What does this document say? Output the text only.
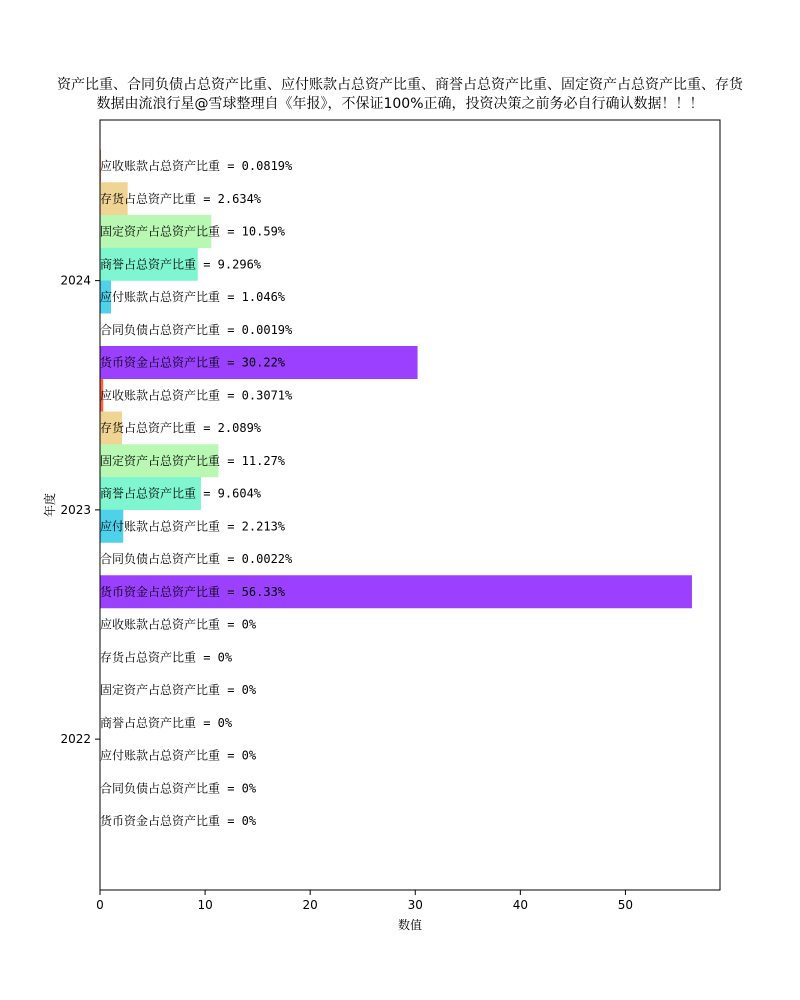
资产比重、合同负债占总资产比重、应付账款占总资产比重、商誉占总资产比重、固定资产占总资产比重、存货
数据由流浪行星@雪球整理自《年报》，不保证100%正确，投资决策之前务必自行确认数据！！！
应收账款占总资产比重 = 0.0819%
存货占总资产比重 = 2.634%
固定资产占总资产比重 = 10.59%
商誉占总资产比重 = 9.296%
应付账款占总资产比重 = 1.046%
合同负债占总资产比重 = 0.0019%
货币资金占总资产比重 = 30.22%
应收账款占总资产比重 = 0.3071%
存货占总资产比重 = 2.089%
固定资产占总资产比重 = 11.27%
商誉占总资产比重 = 9.604%
应付账款占总资产比重 = 2.213%
合同负债占总资产比重 = 0.0022%
货币资金占总资产比重 = 56.33%
应收账款占总资产比重 = 0%
存货占总资产比重 = 0%
固定资产占总资产比重 = 0%
商誉占总资产比重 = 0%
应付账款占总资产比重 = 0%
合同负债占总资产比重 = 0%
货币资金占总资产比重 = 0%
0	10	20	30	40	50
2024
2023
2022
数值
年度
